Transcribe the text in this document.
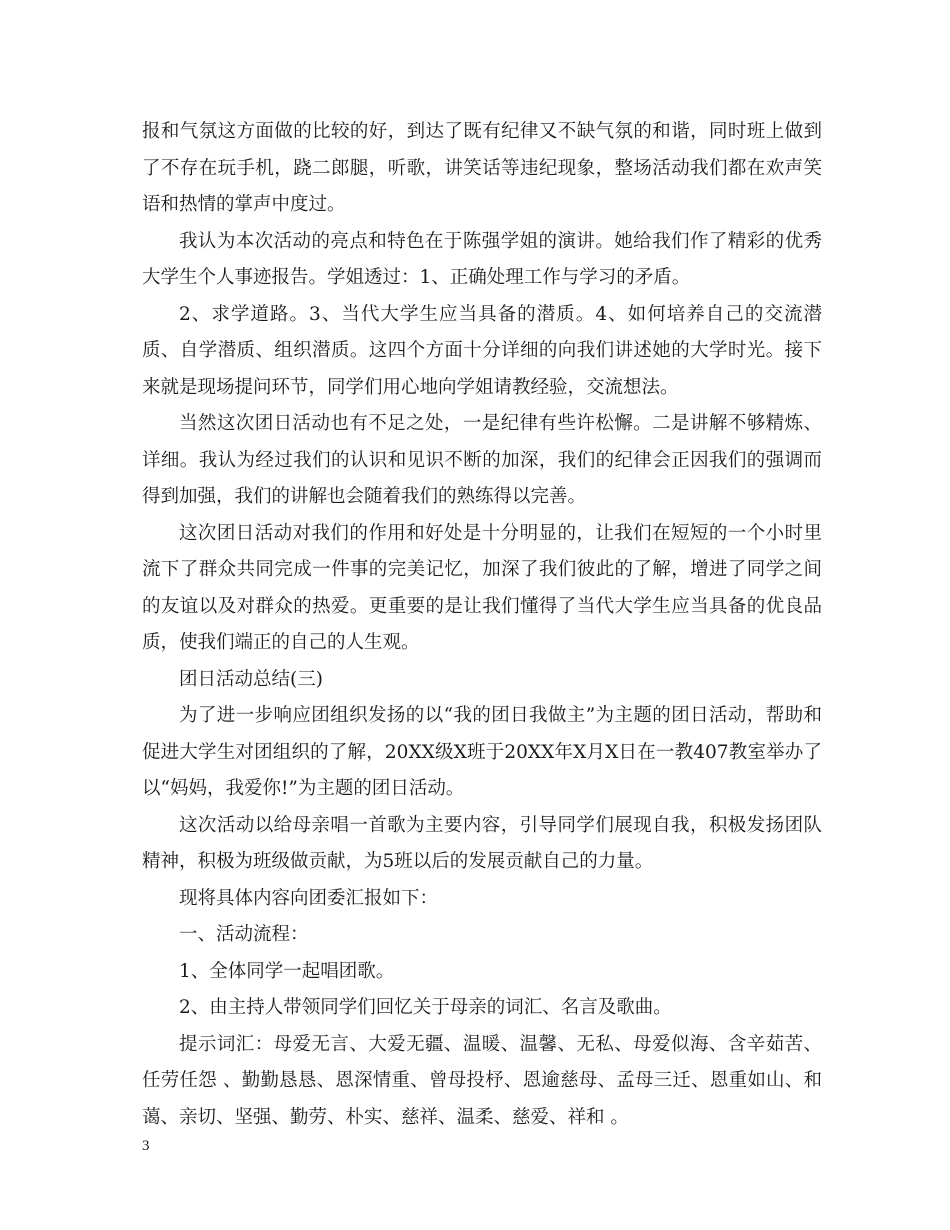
报和气氛这方面做的比较的好，到达了既有纪律又不缺气氛的和谐，同时班上做到了不存在玩手机，跷二郎腿，听歌，讲笑话等违纪现象，整场活动我们都在欢声笑语和热情的掌声中度过。

我认为本次活动的亮点和特色在于陈强学姐的演讲。她给我们作了精彩的优秀大学生个人事迹报告。学姐透过：1、正确处理工作与学习的矛盾。

2、求学道路。3、当代大学生应当具备的潜质。4、如何培养自己的交流潜质、自学潜质、组织潜质。这四个方面十分详细的向我们讲述她的大学时光。接下来就是现场提问环节，同学们用心地向学姐请教经验，交流想法。

当然这次团日活动也有不足之处，一是纪律有些许松懈。二是讲解不够精炼、详细。我认为经过我们的认识和见识不断的加深，我们的纪律会正因我们的强调而得到加强，我们的讲解也会随着我们的熟练得以完善。

这次团日活动对我们的作用和好处是十分明显的，让我们在短短的一个小时里流下了群众共同完成一件事的完美记忆，加深了我们彼此的了解，增进了同学之间的友谊以及对群众的热爱。更重要的是让我们懂得了当代大学生应当具备的优良品质，使我们端正的自己的人生观。

团日活动总结(三)

为了进一步响应团组织发扬的以“我的团日我做主”为主题的团日活动，帮助和促进大学生对团组织的了解，20XX级X班于20XX年X月X日在一教407教室举办了以“妈妈，我爱你!”为主题的团日活动。

这次活动以给母亲唱一首歌为主要内容，引导同学们展现自我，积极发扬团队精神，积极为班级做贡献，为5班以后的发展贡献自己的力量。

现将具体内容向团委汇报如下：

一、活动流程：

1、全体同学一起唱团歌。

2、由主持人带领同学们回忆关于母亲的词汇、名言及歌曲。

提示词汇：母爱无言、大爱无疆、温暖、温馨、无私、母爱似海、含辛茹苦、任劳任怨 、勤勤恳恳、恩深情重、曾母投杼、恩逾慈母、孟母三迁、恩重如山、和蔼、亲切、坚强、勤劳、朴实、慈祥、温柔、慈爱、祥和 。

3
